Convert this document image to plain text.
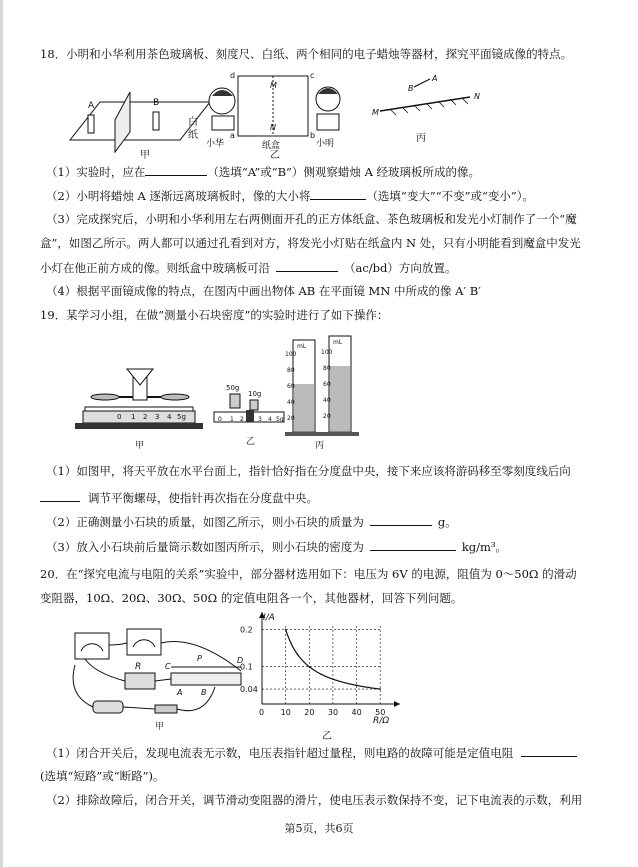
18．小明和小华利用茶色玻璃板、刻度尺、白纸、两个相同的电子蜡烛等器材，探究平面镜成像的特点。
A	B
白
纸
甲
小华
d	c
a	b
M
N
纸盒
乙
小明
B
A
M
N
丙
（1）实验时，应在	（选填“A”或“B”）侧观察蜡烛 A 经玻璃板所成的像。
（2）小明将蜡烛 A 逐渐远离玻璃板时，像的大小将	（选填“变大”“不变”或“变小”）。
（3）完成探究后，小明和小华利用左右两侧面开孔的正方体纸盒、茶色玻璃板和发光小灯制作了一个“魔
盒”，如图乙所示。两人都可以通过孔看到对方，将发光小灯贴在纸盒内 N 处，只有小明能看到魔盒中发光
小灯在他正前方成的像。则纸盒中玻璃板可沿	（ac/bd）方向放置。
（4）根据平面镜成像的特点，在图丙中画出物体 AB 在平面镜 MN 中所成的像 A′ B′
19．某学习小组，在做“测量小石块密度”的实验时进行了如下操作：
0 1 2 3 4 5g
甲
50g
10g
0 1 2 3 4 5g
乙
mL
mL
100
80
60
40
20
100
80
60
40
20
丙
（1）如图甲，将天平放在水平台面上，指针恰好指在分度盘中央，接下来应该将游码移至零刻度线后向
调节平衡螺母，使指针再次指在分度盘中央。
（2）正确测量小石块的质量，如图乙所示，则小石块的质量为	g。
（3）放入小石块前后量筒示数如图丙所示，则小石块的密度为	kg/m³。
20．在“探究电流与电阻的关系”实验中，部分器材选用如下：电压为 6V 的电源，阻值为 0～50Ω 的滑动
变阻器，10Ω、20Ω、30Ω、50Ω 的定值电阻各一个，其他器材，回答下列问题。
R
P
C
D
A B
甲
0 10 20 30 40 50
0.04
0.1
0.2
I/A
R/Ω
乙
（1）闭合开关后，发现电流表无示数，电压表指针超过量程，则电路的故障可能是定值电阻
(选填“短路”或“断路”)。
（2）排除故障后，闭合开关，调节滑动变阻器的滑片，使电压表示数保持不变，记下电流表的示数，利用
第5页，共6页
